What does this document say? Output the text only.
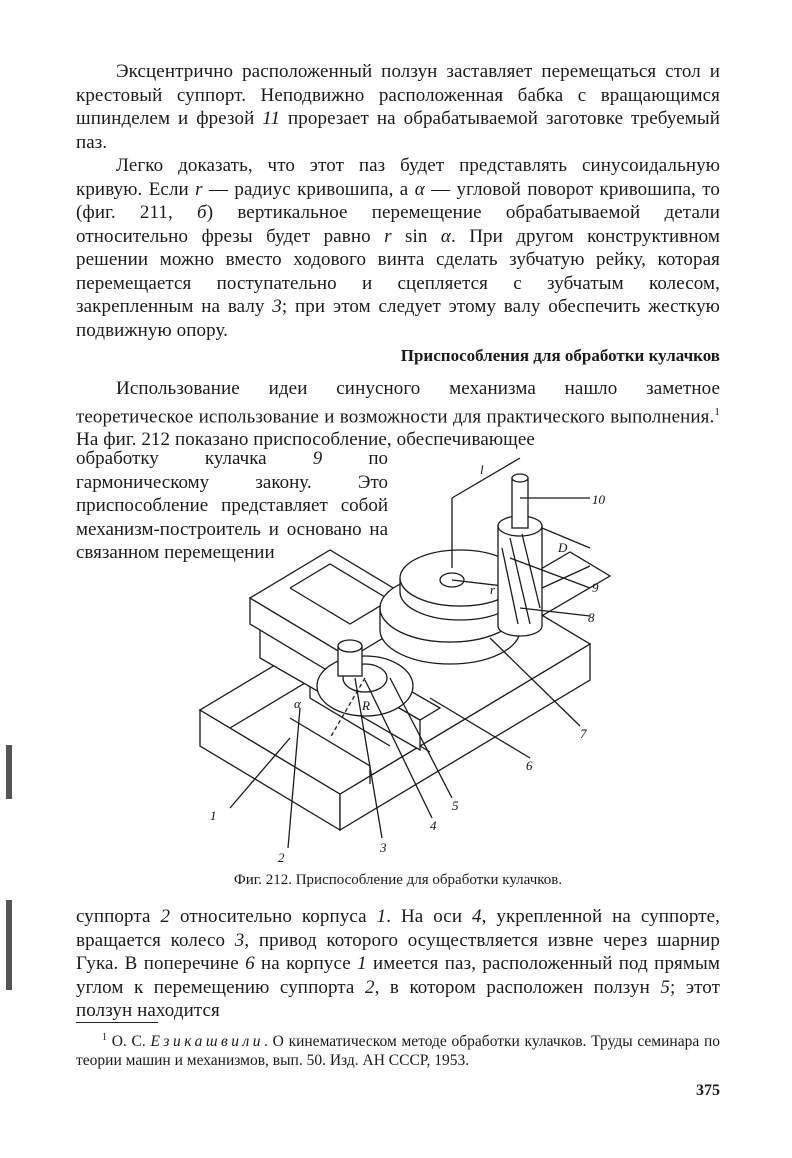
Эксцентрично расположенный ползун заставляет перемещаться стол и крестовый суппорт. Неподвижно расположенная бабка с вращающимся шпинделем и фрезой 11 прорезает на обрабатываемой заготовке требуемый паз.

Легко доказать, что этот паз будет представлять синусоидальную кривую. Если r — радиус кривошипа, а α — угловой поворот кривошипа, то (фиг. 211, б) вертикальное перемещение обрабатываемой детали относительно фрезы будет равно r sin α. При другом конструктивном решении можно вместо ходового винта сделать зубчатую рейку, которая перемещается поступательно и сцепляется с зубчатым колесом, закрепленным на валу 3; при этом следует этому валу обеспечить жесткую подвижную опору.

Приспособления для обработки кулачков

Использование идеи синусного механизма нашло заметное теоретическое использование и возможности для практического выполнения.$^1$ На фиг. 212 показано приспособление, обеспечивающее

обработку кулачка 9 по гармоническому закону. Это приспособление представляет собой механизм-построитель и основано на связанном перемещении

1
2
3
4
5
6
7
8
9
10
l
D
r
R
α

Фиг. 212. Приспособление для обработки кулачков.

суппорта 2 относительно корпуса 1. На оси 4, укрепленной на суппорте, вращается колесо 3, привод которого осуществляется извне через шарнир Гука. В поперечине 6 на корпусе 1 имеется паз, расположенный под прямым углом к перемещению суппорта 2, в котором расположен ползун 5; этот ползун находится

$^1$ О. С. Езикашвили. О кинематическом методе обработки кулачков. Труды семинара по теории машин и механизмов, вып. 50. Изд. АН СССР, 1953.

375
